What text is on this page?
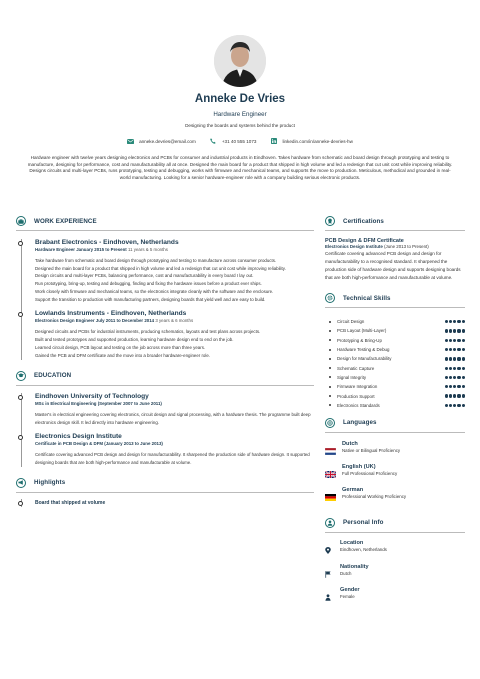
Anneke De Vries
Hardware Engineer
Designing the boards and systems behind the product
anneke.devries@email.com	+31 40 555 1073	linkedin.com/in/anneke-devries-hw
Hardware engineer with twelve years designing electronics and PCBs for consumer and industrial products in Eindhoven. Takes hardware from schematic and board design through prototyping and testing to manufacture, designing for performance, cost and manufacturability all at once. Designed the main board for a product that shipped in high volume and led a redesign that cut unit cost while improving reliability. Designs circuits and multi-layer PCBs, runs prototyping, testing and debugging, works with firmware and mechanical teams, and supports the move to production. Meticulous, methodical and grounded in real-world manufacturing. Looking for a senior hardware-engineer role with a company building serious electronic products.
WORK EXPERIENCE
Brabant Electronics - Eindhoven, Netherlands
Hardware Engineer January 2015 to Present 11 years & 5 months

Take hardware from schematic and board design through prototyping and testing to manufacture across consumer products.

Designed the main board for a product that shipped in high volume and led a redesign that cut unit cost while improving reliability.

Design circuits and multi-layer PCBs, balancing performance, cost and manufacturability in every board I lay out.

Run prototyping, bring-up, testing and debugging, finding and fixing the hardware issues before a product ever ships.

Work closely with firmware and mechanical teams, so the electronics integrate cleanly with the software and the enclosure.

Support the transition to production with manufacturing partners, designing boards that yield well and are easy to build.

Lowlands Instruments - Eindhoven, Netherlands
Electronics Design Engineer July 2011 to December 2014 3 years & 6 months

Designed circuits and PCBs for industrial instruments, producing schematics, layouts and test plans across projects.

Built and tested prototypes and supported production, learning hardware design end to end on the job.

Learned circuit design, PCB layout and testing on the job across more than three years.

Gained the PCB and DFM certificate and the move into a broader hardware-engineer role.

EDUCATION
Eindhoven University of Technology
MSc in Electrical Engineering (September 2007 to June 2011)

Master's in electrical engineering covering electronics, circuit design and signal processing, with a hardware thesis. The programme built deep electronics design skill. It led directly into hardware engineering.

Electronics Design Institute
Certificate in PCB Design & DFM (January 2013 to June 2013)

Certificate covering advanced PCB design and design for manufacturability. It sharpened the production side of hardware design. It supported designing boards that are both high-performance and manufacturable at volume.

Highlights
Board that shipped at volume
Certifications
PCB Design & DFM Certificate
Electronics Design Institute (June 2013 to Present)
Certificate covering advanced PCB design and design for manufacturability to a recognised standard. It sharpened the production side of hardware design and supports designing boards that are both high-performance and manufacturable at volume.
Technical Skills
Circuit Design
PCB Layout (Multi-Layer)
Prototyping & Bring-Up
Hardware Testing & Debug
Design for Manufacturability
Schematic Capture
Signal Integrity
Firmware Integration
Production Support
Electronics Standards
Languages
Dutch
Native or Bilingual Proficiency
English (UK)
Full Professional Proficiency
German
Professional Working Proficiency
Personal Info
Location
Eindhoven, Netherlands
Nationality
Dutch
Gender
Female
